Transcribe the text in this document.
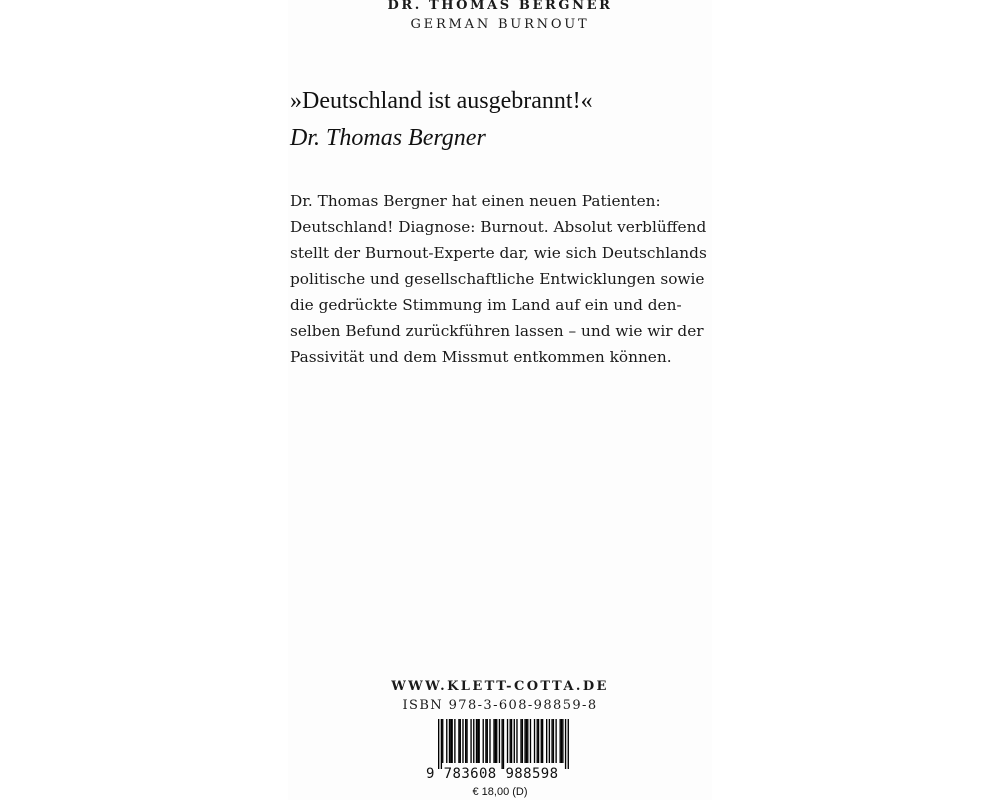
DR. THOMAS BERGNER
GERMAN BURNOUT
»Deutschland ist ausgebrannt!«
Dr. Thomas Bergner
Dr. Thomas Bergner hat einen neuen Patienten:
Deutschland! Diagnose: Burnout. Absolut verblüffend
stellt der Burnout-Experte dar, wie sich Deutschlands
politische und gesellschaftliche Entwicklungen sowie
die gedrückte Stimmung im Land auf ein und den-
selben Befund zurückführen lassen – und wie wir der
Passivität und dem Missmut entkommen können.
WWW.KLETT-COTTA.DE
ISBN 978-3-608-98859-8
9 783608 988598
€ 18,00 (D)
